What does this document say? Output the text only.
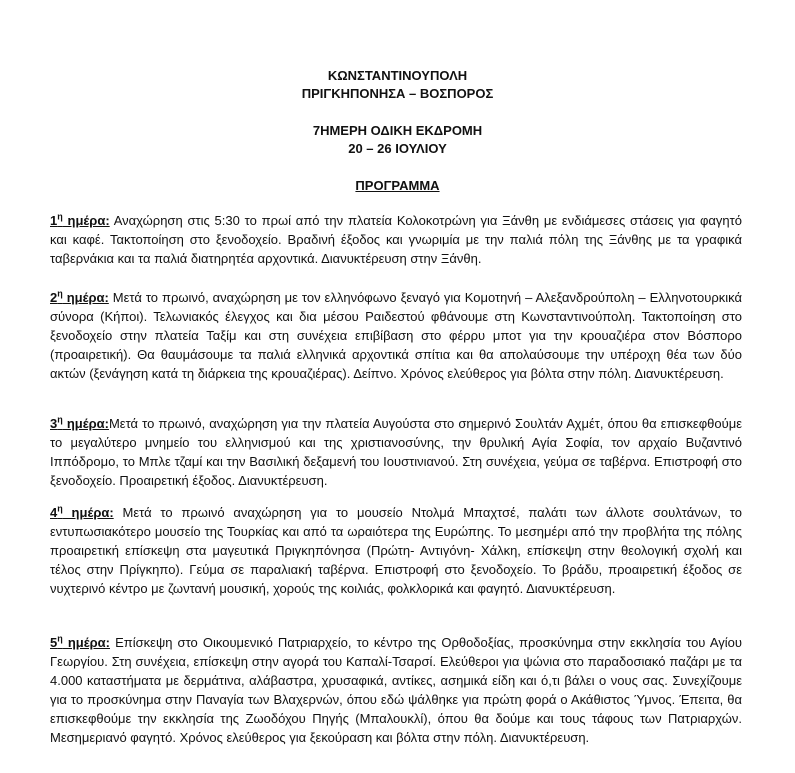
ΚΩΝΣΤΑΝΤΙΝΟΥΠΟΛΗ
ΠΡΙΓΚΗΠΟΝΗΣΑ – ΒΟΣΠΟΡΟΣ
7ΗΜΕΡΗ ΟΔΙΚΗ ΕΚΔΡΟΜΗ
20 – 26 ΙΟΥΛΙΟΥ
ΠΡΟΓΡΑΜΜΑ

$1^\eta$ ημέρα: Αναχώρηση στις 5:30 το πρωί από την πλατεία Κολοκοτρώνη για Ξάνθη με ενδιάμεσες στάσεις για φαγητό και καφέ. Τακτοποίηση στο ξενοδοχείο. Βραδινή έξοδος και γνωριμία με την παλιά πόλη της Ξάνθης με τα γραφικά ταβερνάκια και τα παλιά διατηρητέα αρχοντικά. Διανυκτέρευση στην Ξάνθη.

$2^\eta$ ημέρα: Μετά το πρωινό, αναχώρηση με τον ελληνόφωνο ξεναγό για Κομοτηνή – Αλεξανδρούπολη – Ελληνοτουρκικά σύνορα (Κήποι). Τελωνιακός έλεγχος και δια μέσου Ραιδεστού φθάνουμε στη Κωνσταντινούπολη. Τακτοποίηση στο ξενοδοχείο στην πλατεία Ταξίμ και στη συνέχεια επιβίβαση στο φέρρυ μποτ για την κρουαζιέρα στον Βόσπορο (προαιρετική). Θα θαυμάσουμε τα παλιά ελληνικά αρχοντικά σπίτια και θα απολαύσουμε την υπέροχη θέα των δύο ακτών (ξενάγηση κατά τη διάρκεια της κρουαζιέρας). Δείπνο. Χρόνος ελεύθερος για βόλτα στην πόλη. Διανυκτέρευση.

$3^\eta$ ημέρα:Μετά το πρωινό, αναχώρηση για την πλατεία Αυγούστα στο σημερινό Σουλτάν Αχμέτ, όπου θα επισκεφθούμε το μεγαλύτερο μνημείο του ελληνισμού και της χριστιανοσύνης, την θρυλική Αγία Σοφία, τον αρχαίο Βυζαντινό Ιππόδρομο, το Μπλε τζαμί και την Βασιλική δεξαμενή του Ιουστινιανού. Στη συνέχεια, γεύμα σε ταβέρνα. Επιστροφή στο ξενοδοχείο. Προαιρετική έξοδος. Διανυκτέρευση.

$4^\eta$ ημέρα: Μετά το πρωινό αναχώρηση για το μουσείο Ντολμά Μπαχτσέ, παλάτι των άλλοτε σουλτάνων, το εντυπωσιακότερο μουσείο της Τουρκίας και από τα ωραιότερα της Ευρώπης. Το μεσημέρι από την προβλήτα της πόλης προαιρετική επίσκεψη στα μαγευτικά Πριγκηπόνησα (Πρώτη- Αντιγόνη- Χάλκη, επίσκεψη στην θεολογική σχολή και τέλος στην Πρίγκηπο). Γεύμα σε παραλιακή ταβέρνα. Επιστροφή στο ξενοδοχείο. Το βράδυ, προαιρετική έξοδος σε νυχτερινό κέντρο με ζωντανή μουσική, χορούς της κοιλιάς, φολκλορικά και φαγητό. Διανυκτέρευση.

$5^\eta$ ημέρα: Επίσκεψη στο Οικουμενικό Πατριαρχείο, το κέντρο της Ορθοδοξίας, προσκύνημα στην εκκλησία του Αγίου Γεωργίου. Στη συνέχεια, επίσκεψη στην αγορά του Καπαλί-Τσαρσί. Ελεύθεροι για ψώνια στο παραδοσιακό παζάρι με τα 4.000 καταστήματα με δερμάτινα, αλάβαστρα, χρυσαφικά, αντίκες, ασημικά είδη και ό,τι βάλει ο νους σας. Συνεχίζουμε για το προσκύνημα στην Παναγία των Βλαχερνών, όπου εδώ ψάλθηκε για πρώτη φορά ο Ακάθιστος Ύμνος. Έπειτα, θα επισκεφθούμε την εκκλησία της Ζωοδόχου Πηγής (Μπαλουκλί), όπου θα δούμε και τους τάφους των Πατριαρχών. Μεσημεριανό φαγητό. Χρόνος ελεύθερος για ξεκούραση και βόλτα στην πόλη. Διανυκτέρευση.
